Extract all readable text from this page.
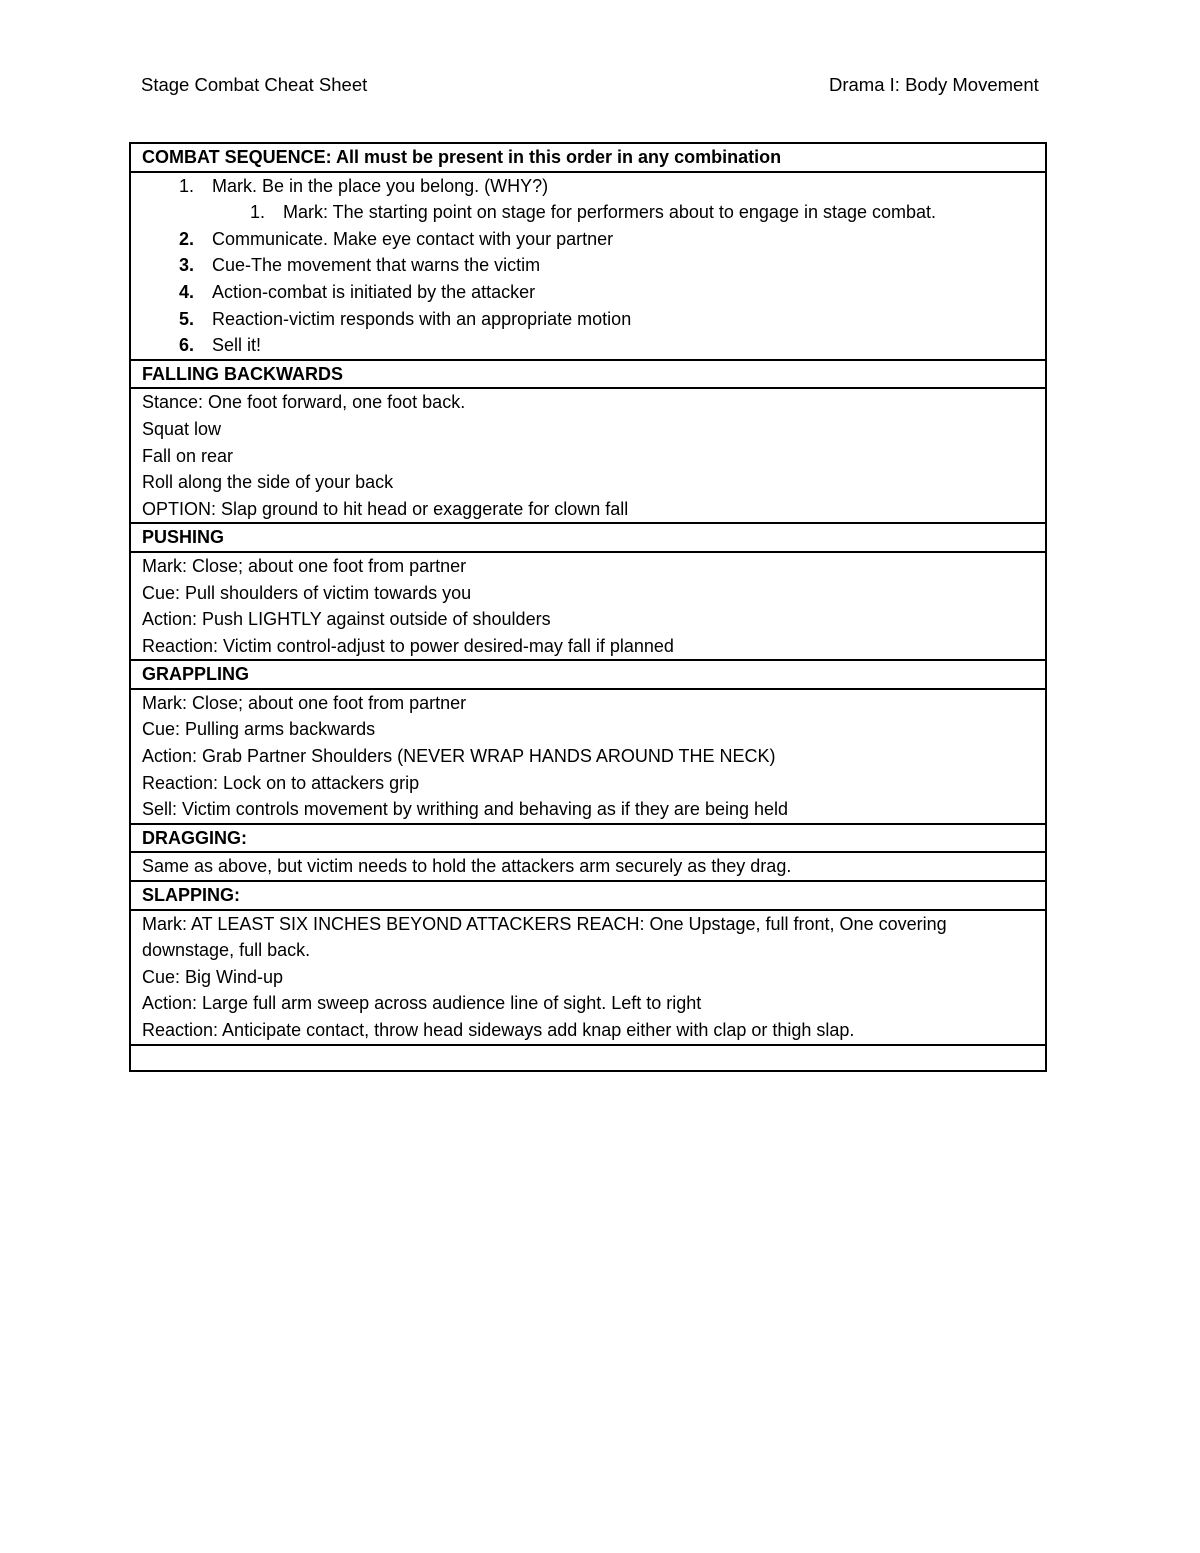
Stage Combat Cheat Sheet	Drama I: Body Movement
COMBAT SEQUENCE: All must be present in this order in any combination

1.	Mark. Be in the place you belong. (WHY?)
1.	Mark: The starting point on stage for performers about to engage in stage combat.
2.	Communicate. Make eye contact with your partner
3.	Cue-The movement that warns the victim
4.	Action-combat is initiated by the attacker
5.	Reaction-victim responds with an appropriate motion
6.	Sell it!

FALLING BACKWARDS

Stance: One foot forward, one foot back.
Squat low
Fall on rear
Roll along the side of your back
OPTION: Slap ground to hit head or exaggerate for clown fall

PUSHING

Mark: Close; about one foot from partner
Cue: Pull shoulders of victim towards you
Action: Push LIGHTLY against outside of shoulders
Reaction: Victim control-adjust to power desired-may fall if planned

GRAPPLING

Mark: Close; about one foot from partner
Cue: Pulling arms backwards
Action: Grab Partner Shoulders (NEVER WRAP HANDS AROUND THE NECK)
Reaction: Lock on to attackers grip
Sell: Victim controls movement by writhing and behaving as if they are being held

DRAGGING:

Same as above, but victim needs to hold the attackers arm securely as they drag.

SLAPPING:

Mark: AT LEAST SIX INCHES BEYOND ATTACKERS REACH: One Upstage, full front, One covering downstage, full back.
Cue: Big Wind-up
Action: Large full arm sweep across audience line of sight. Left to right
Reaction: Anticipate contact, throw head sideways add knap either with clap or thigh slap.
